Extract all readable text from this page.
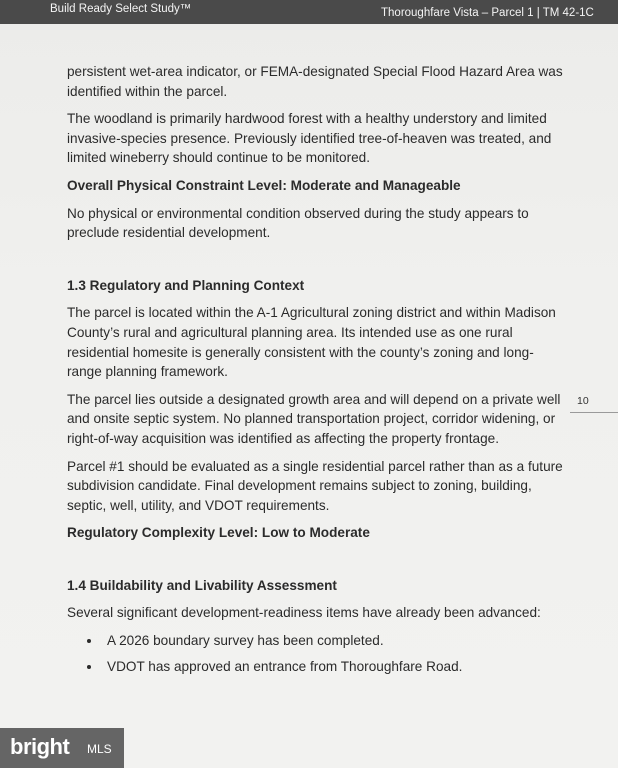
Build Ready Select Study™	Thoroughfare Vista – Parcel 1 | TM 42-1C

persistent wet-area indicator, or FEMA-designated Special Flood Hazard Area was identified within the parcel.

The woodland is primarily hardwood forest with a healthy understory and limited invasive-species presence. Previously identified tree-of-heaven was treated, and limited wineberry should continue to be monitored.

Overall Physical Constraint Level: Moderate and Manageable

No physical or environmental condition observed during the study appears to preclude residential development.

1.3 Regulatory and Planning Context

The parcel is located within the A-1 Agricultural zoning district and within Madison County’s rural and agricultural planning area. Its intended use as one rural residential homesite is generally consistent with the county’s zoning and long-range planning framework.

The parcel lies outside a designated growth area and will depend on a private well and onsite septic system. No planned transportation project, corridor widening, or right-of-way acquisition was identified as affecting the property frontage.

Parcel #1 should be evaluated as a single residential parcel rather than as a future subdivision candidate. Final development remains subject to zoning, building, septic, well, utility, and VDOT requirements.

Regulatory Complexity Level: Low to Moderate
1.4 Buildability and Livability Assessment

Several significant development-readiness items have already been advanced:

A 2026 boundary survey has been completed.
VDOT has approved an entrance from Thoroughfare Road.
10
bright MLS
